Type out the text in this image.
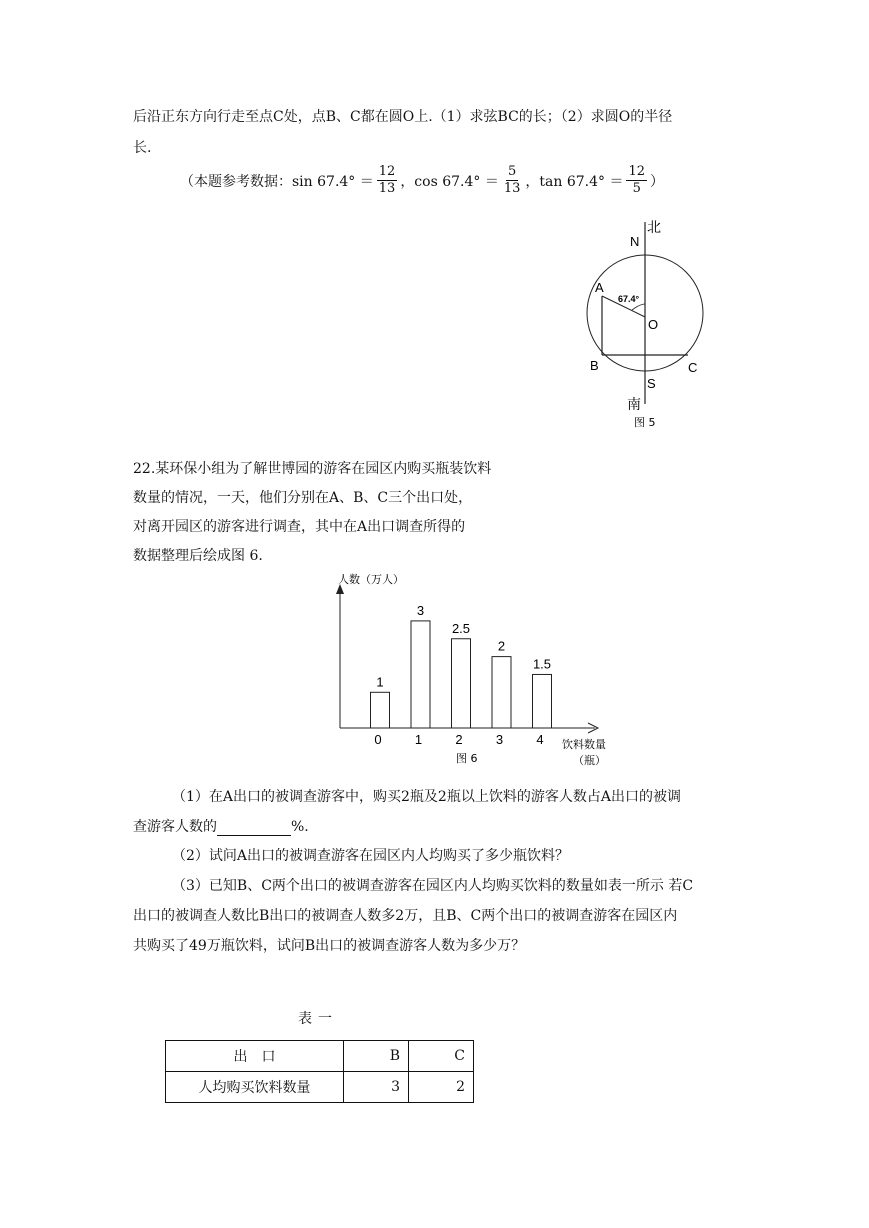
后沿正东方向行走至点C处，点B、C都在圆O上.（1）求弦BC的长；（2）求圆O的半径
长.
（本题参考数据：$\sin 67.4^\circ = \frac{12}{13}$ ，$\cos 67.4^\circ = \frac{5}{13}$ ，$\tan 67.4^\circ = \frac{12}{5}$ ）
北
N
A
67.4°
O
B	C
S
南
图 5
22.某环保小组为了解世博园的游客在园区内购买瓶装饮料
数量的情况，一天，他们分别在A、B、C三个出口处，
对离开园区的游客进行调查，其中在A出口调查所得的
数据整理后绘成图 6.
人数（万人）
饮料数量
（瓶）
图 6
1
0
3
1
2.5
2
2
3
1.5
4
（1）在A出口的被调查游客中，购买2瓶及2瓶以上饮料的游客人数占A出口的被调
查游客人数的	%.
（2）试问A出口的被调查游客在园区内人均购买了多少瓶饮料？
（3）已知B、C两个出口的被调查游客在园区内人均购买饮料的数量如表一所示 若C
出口的被调查人数比B出口的被调查人数多2万，且B、C两个出口的被调查游客在园区内
共购买了49万瓶饮料，试问B出口的被调查游客人数为多少万？
表一
出　口	B	C
人均购买饮料数量	3	2
